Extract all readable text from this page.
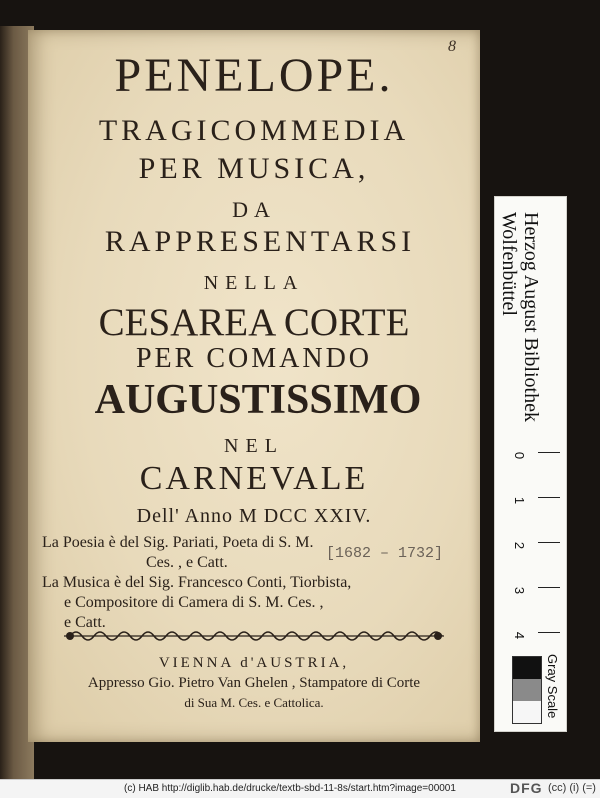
8
PENELOPE.
TRAGICOMMEDIA
PER MUSICA,
DA
RAPPRESENTARSI
NELLA
CESAREA CORTE
PER COMANDO
AUGUSTISSIMO
NEL
CARNEVALE
Dell' Anno M DCC XXIV.
La Poesia è del Sig. Pariati, Poeta di S. M.
Ces. , e Catt.
[1682 – 1732]
La Musica è del Sig. Francesco Conti, Tiorbista,
e Compositore di Camera di S. M. Ces. ,
e Catt.
VIENNA d'AUSTRIA,
Appresso Gio. Pietro Van Ghelen , Stampatore di Corte
di Sua M. Ces. e Cattolica.
Herzog August Bibliothek
Wolfenbüttel
0
1
2
3
4
Gray Scale
(c) HAB http://diglib.hab.de/drucke/textb-sbd-11-8s/start.htm?image=00001	DFG (cc) (i) (=)
